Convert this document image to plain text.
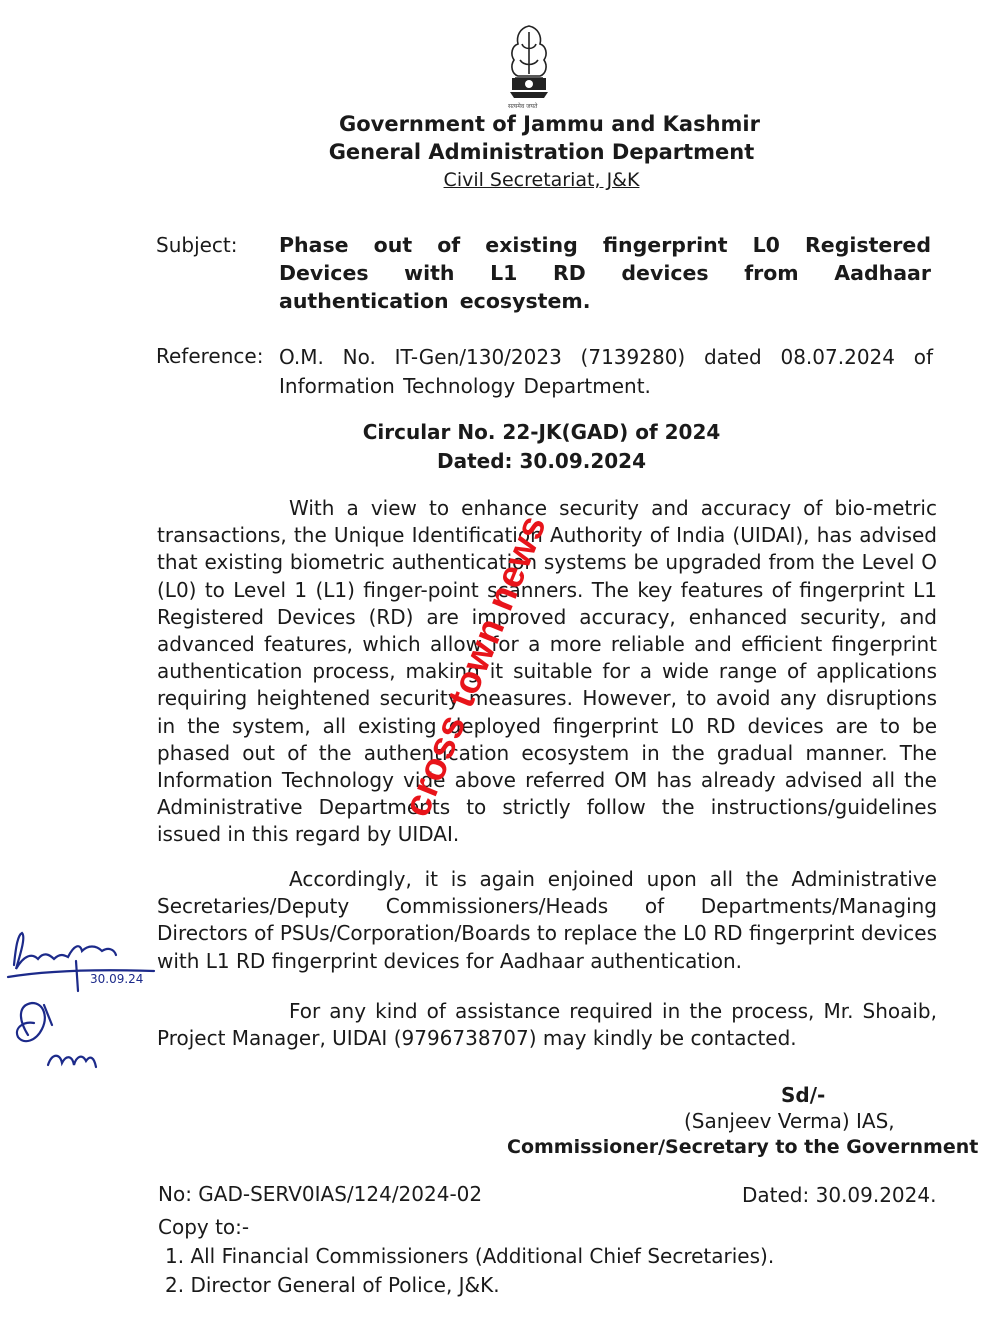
सत्यमेव जयते
Government of Jammu and Kashmir
General Administration Department
Civil Secretariat, J&K
Subject: Phase out of existing fingerprint L0 Registered Devices with L1 RD devices from Aadhaar authentication ecosystem.
Reference: O.M. No. IT-Gen/130/2023 (7139280) dated 08.07.2024 of Information Technology Department.
Circular No. 22-JK(GAD) of 2024
Dated: 30.09.2024
With a view to enhance security and accuracy of bio-metric transactions, the Unique Identification Authority of India (UIDAI), has advised that existing biometric authentication systems be upgraded from the Level O (L0) to Level 1 (L1) finger-point scanners. The key features of fingerprint L1 Registered Devices (RD) are improved accuracy, enhanced security, and advanced features, which allow for a more reliable and efficient fingerprint authentication process, making it suitable for a wide range of applications requiring heightened security measures. However, to avoid any disruptions in the system, all existing deployed fingerprint L0 RD devices are to be phased out of the authentication ecosystem in the gradual manner. The Information Technology vide above referred OM has already advised all the Administrative Departments to strictly follow the instructions/guidelines issued in this regard by UIDAI.
Accordingly, it is again enjoined upon all the Administrative Secretaries/Deputy Commissioners/Heads of Departments/Managing Directors of PSUs/Corporation/Boards to replace the L0 RD fingerprint devices with L1 RD fingerprint devices for Aadhaar authentication.
For any kind of assistance required in the process, Mr. Shoaib, Project Manager, UIDAI (9796738707) may kindly be contacted.
Sd/-
(Sanjeev Verma) IAS,
Commissioner/Secretary to the Government
No: GAD-SERV0IAS/124/2024-02	Dated: 30.09.2024.
Copy to:-
1. All Financial Commissioners (Additional Chief Secretaries).
2. Director General of Police, J&K.
30.09.24
cross town news
